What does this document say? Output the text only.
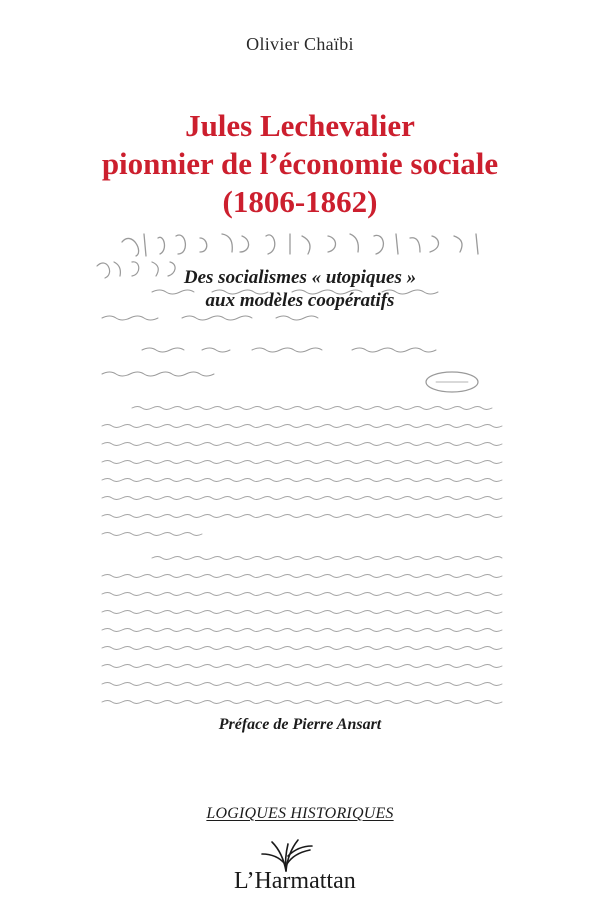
Olivier Chaïbi
Jules Lechevalier
pionnier de l’économie sociale
(1806-1862)
Des socialismes « utopiques »
aux modèles coopératifs
Préface de Pierre Ansart
LOGIQUES HISTORIQUES
L’Harmattan
